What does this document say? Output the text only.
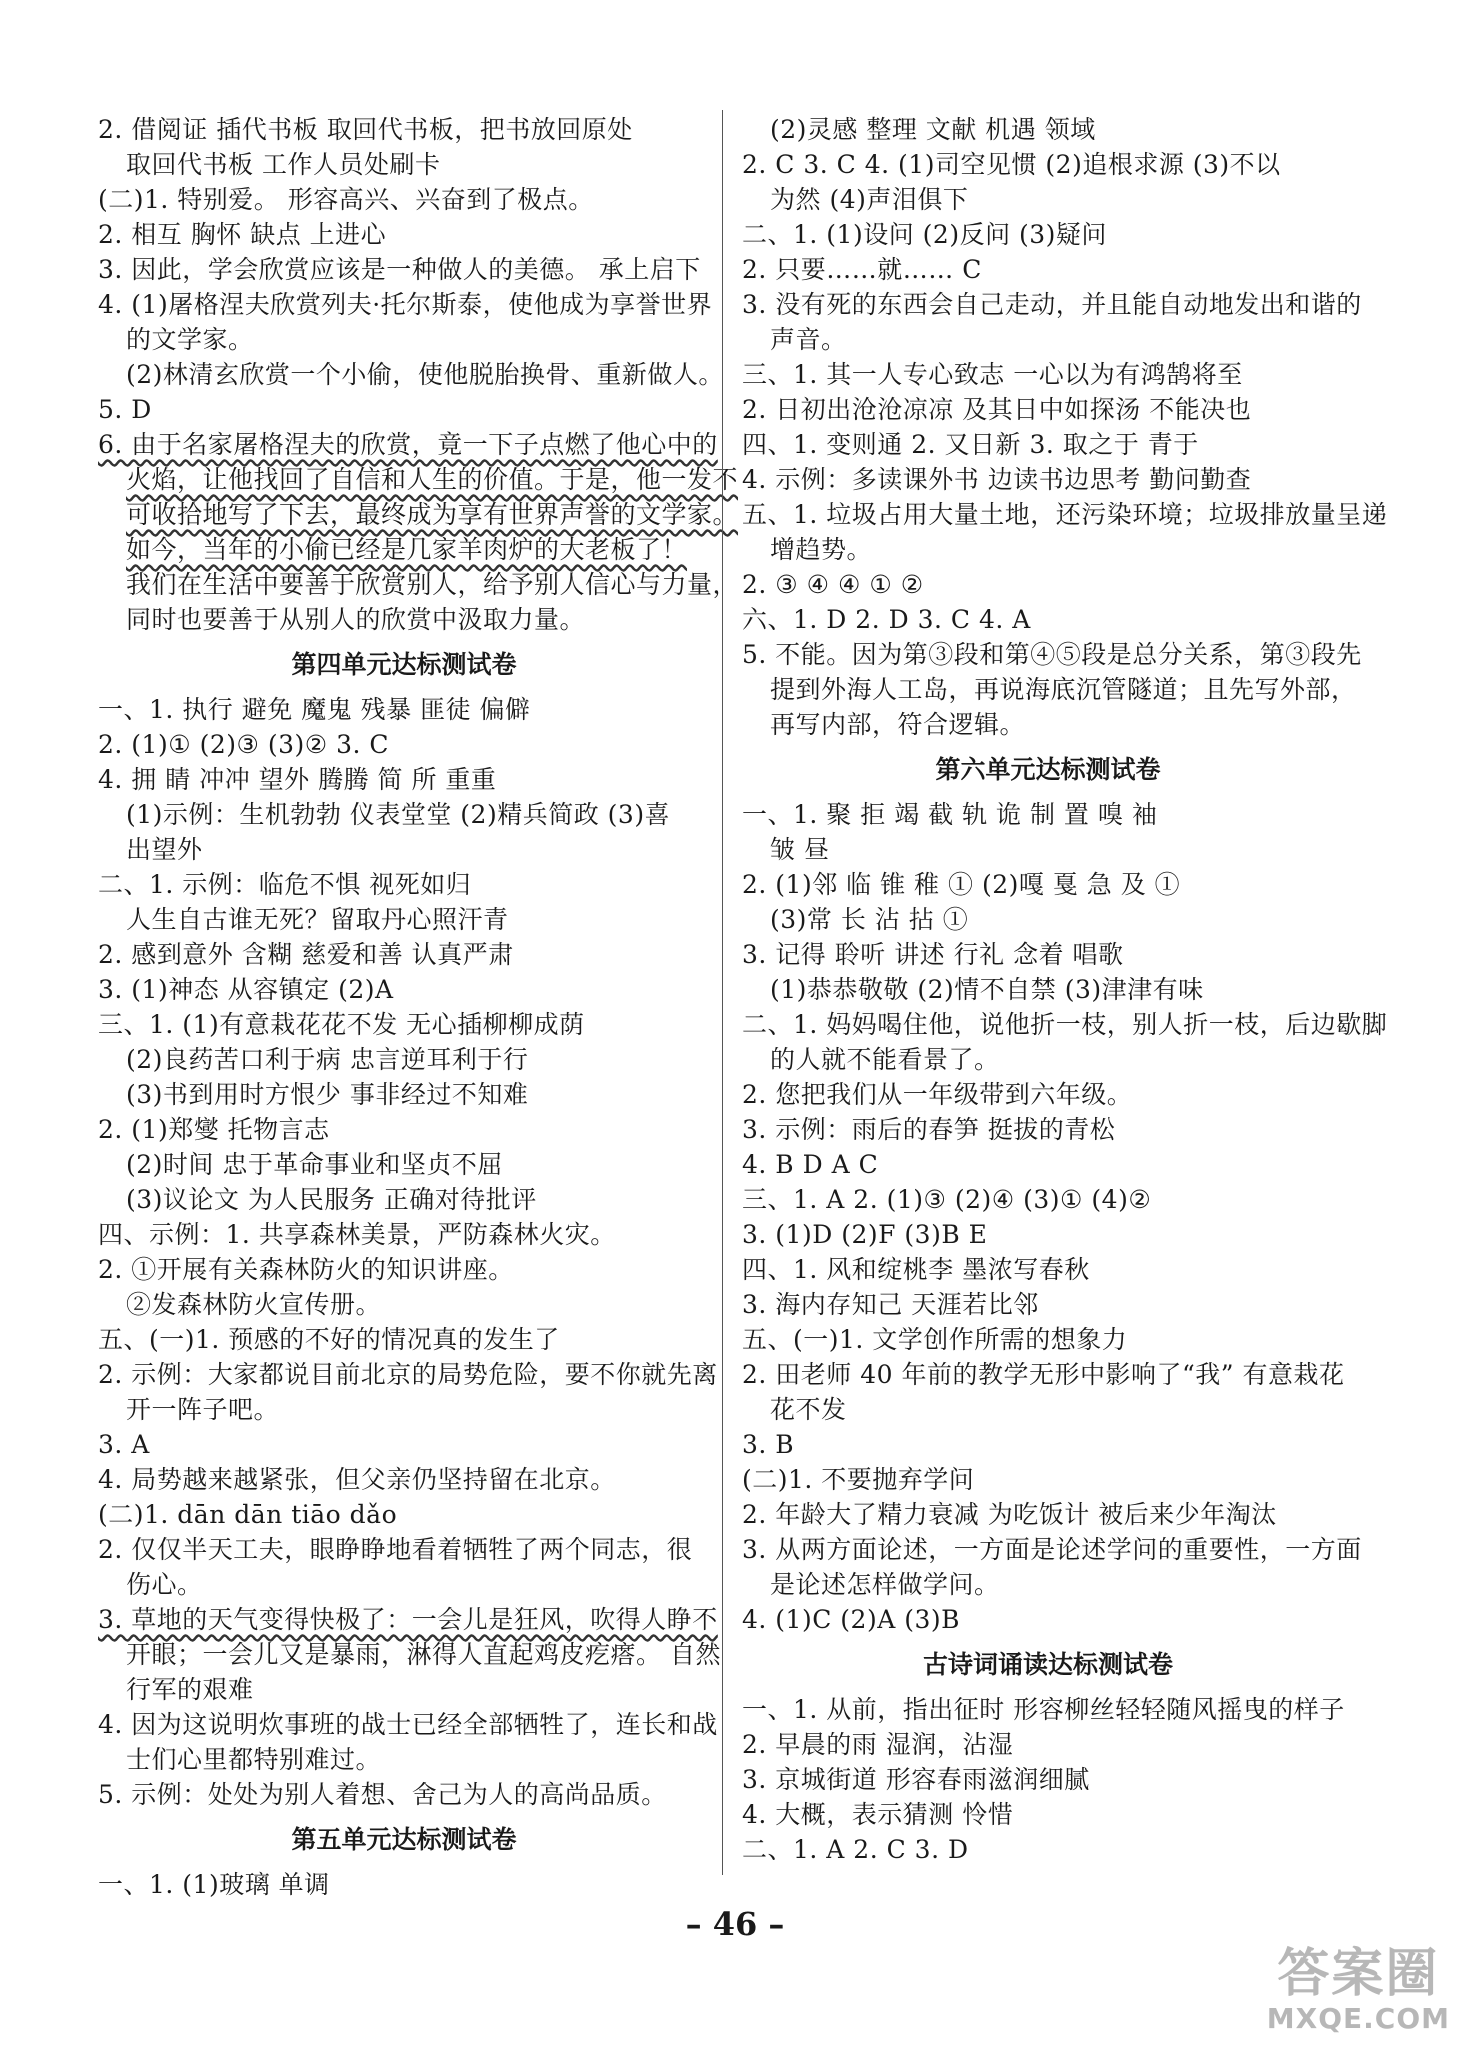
2. 借阅证 插代书板 取回代书板，把书放回原处
取回代书板 工作人员处刷卡
(二)1. 特别爱。 形容高兴、兴奋到了极点。
2. 相互 胸怀 缺点 上进心
3. 因此，学会欣赏应该是一种做人的美德。 承上启下
4. (1)屠格涅夫欣赏列夫·托尔斯泰，使他成为享誉世界
的文学家。
(2)林清玄欣赏一个小偷，使他脱胎换骨、重新做人。
5. D
6. 由于名家屠格涅夫的欣赏，竟一下子点燃了他心中的
火焰，让他找回了自信和人生的价值。于是，他一发不
可收拾地写了下去，最终成为享有世界声誉的文学家。
如今，当年的小偷已经是几家羊肉炉的大老板了！
我们在生活中要善于欣赏别人，给予别人信心与力量，
同时也要善于从别人的欣赏中汲取力量。
第四单元达标测试卷
一、1. 执行 避免 魔鬼 残暴 匪徒 偏僻
2. (1)① (2)③ (3)② 3. C
4. 拥 睛 冲冲 望外 腾腾 简 所 重重
(1)示例：生机勃勃 仪表堂堂 (2)精兵简政 (3)喜
出望外
二、1. 示例：临危不惧 视死如归
人生自古谁无死？留取丹心照汗青
2. 感到意外 含糊 慈爱和善 认真严肃
3. (1)神态 从容镇定 (2)A
三、1. (1)有意栽花花不发 无心插柳柳成荫
(2)良药苦口利于病 忠言逆耳利于行
(3)书到用时方恨少 事非经过不知难
2. (1)郑燮 托物言志
(2)时间 忠于革命事业和坚贞不屈
(3)议论文 为人民服务 正确对待批评
四、示例：1. 共享森林美景，严防森林火灾。
2. ①开展有关森林防火的知识讲座。
②发森林防火宣传册。
五、(一)1. 预感的不好的情况真的发生了
2. 示例：大家都说目前北京的局势危险，要不你就先离
开一阵子吧。
3. A
4. 局势越来越紧张，但父亲仍坚持留在北京。
(二)1. dān dān tiāo dǎo
2. 仅仅半天工夫，眼睁睁地看着牺牲了两个同志，很
伤心。
3. 草地的天气变得快极了：一会儿是狂风，吹得人睁不
开眼；一会儿又是暴雨，淋得人直起鸡皮疙瘩。 自然
行军的艰难
4. 因为这说明炊事班的战士已经全部牺牲了，连长和战
士们心里都特别难过。
5. 示例：处处为别人着想、舍己为人的高尚品质。
第五单元达标测试卷
一、1. (1)玻璃 单调
(2)灵感 整理 文献 机遇 领域
2. C 3. C 4. (1)司空见惯 (2)追根求源 (3)不以
为然 (4)声泪俱下
二、1. (1)设问 (2)反问 (3)疑问
2. 只要……就…… C
3. 没有死的东西会自己走动，并且能自动地发出和谐的
声音。
三、1. 其一人专心致志 一心以为有鸿鹄将至
2. 日初出沧沧凉凉 及其日中如探汤 不能决也
四、1. 变则通 2. 又日新 3. 取之于 青于
4. 示例：多读课外书 边读书边思考 勤问勤查
五、1. 垃圾占用大量土地，还污染环境；垃圾排放量呈递
增趋势。
2. ③ ④ ④ ① ②
六、1. D 2. D 3. C 4. A
5. 不能。因为第③段和第④⑤段是总分关系，第③段先
提到外海人工岛，再说海底沉管隧道；且先写外部，
再写内部，符合逻辑。
第六单元达标测试卷
一、1. 聚 拒 竭 截 轨 诡 制 置 嗅 袖
皱 昼
2. (1)邻 临 锥 稚 ① (2)嘎 戛 急 及 ①
(3)常 长 沾 拈 ①
3. 记得 聆听 讲述 行礼 念着 唱歌
(1)恭恭敬敬 (2)情不自禁 (3)津津有味
二、1. 妈妈喝住他，说他折一枝，别人折一枝，后边歇脚
的人就不能看景了。
2. 您把我们从一年级带到六年级。
3. 示例：雨后的春笋 挺拔的青松
4. B D A C
三、1. A 2. (1)③ (2)④ (3)① (4)②
3. (1)D (2)F (3)B E
四、1. 风和绽桃李 墨浓写春秋
3. 海内存知己 天涯若比邻
五、(一)1. 文学创作所需的想象力
2. 田老师 40 年前的教学无形中影响了“我” 有意栽花
花不发
3. B
(二)1. 不要抛弃学问
2. 年龄大了精力衰减 为吃饭计 被后来少年淘汰
3. 从两方面论述，一方面是论述学问的重要性，一方面
是论述怎样做学问。
4. (1)C (2)A (3)B
古诗词诵读达标测试卷
一、1. 从前，指出征时 形容柳丝轻轻随风摇曳的样子
2. 早晨的雨 湿润，沾湿
3. 京城街道 形容春雨滋润细腻
4. 大概，表示猜测 怜惜
二、1. A 2. C 3. D
– 46 –
答案圈
MXQE.COM
